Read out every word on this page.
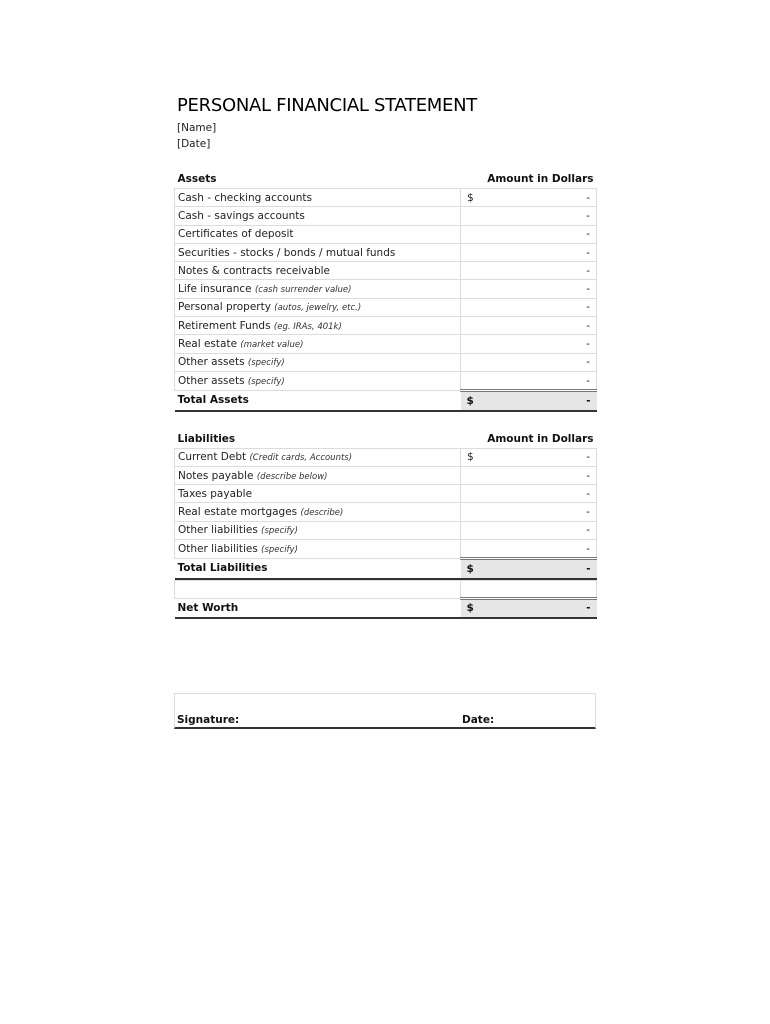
PERSONAL FINANCIAL STATEMENT
[Name]
[Date]
Assets	Amount in Dollars
Cash - checking accounts	$ -

Cash - savings accounts	-

Certificates of deposit	-

Securities - stocks / bonds / mutual funds	-

Notes & contracts receivable	-

Life insurance (cash surrender value)	-

Personal property (autos, jewelry, etc.)	-

Retirement Funds (eg. IRAs, 401k)	-

Real estate (market value)	-

Other assets (specify)	-

Other assets (specify)	-

Total Assets	$ -
Liabilities	Amount in Dollars
Current Debt (Credit cards, Accounts)	$ -

Notes payable (describe below)	-

Taxes payable	-

Real estate mortgages (describe)	-

Other liabilities (specify)	-

Other liabilities (specify)	-

Total Liabilities	$ -

Net Worth	$ -
Signature:	Date:
